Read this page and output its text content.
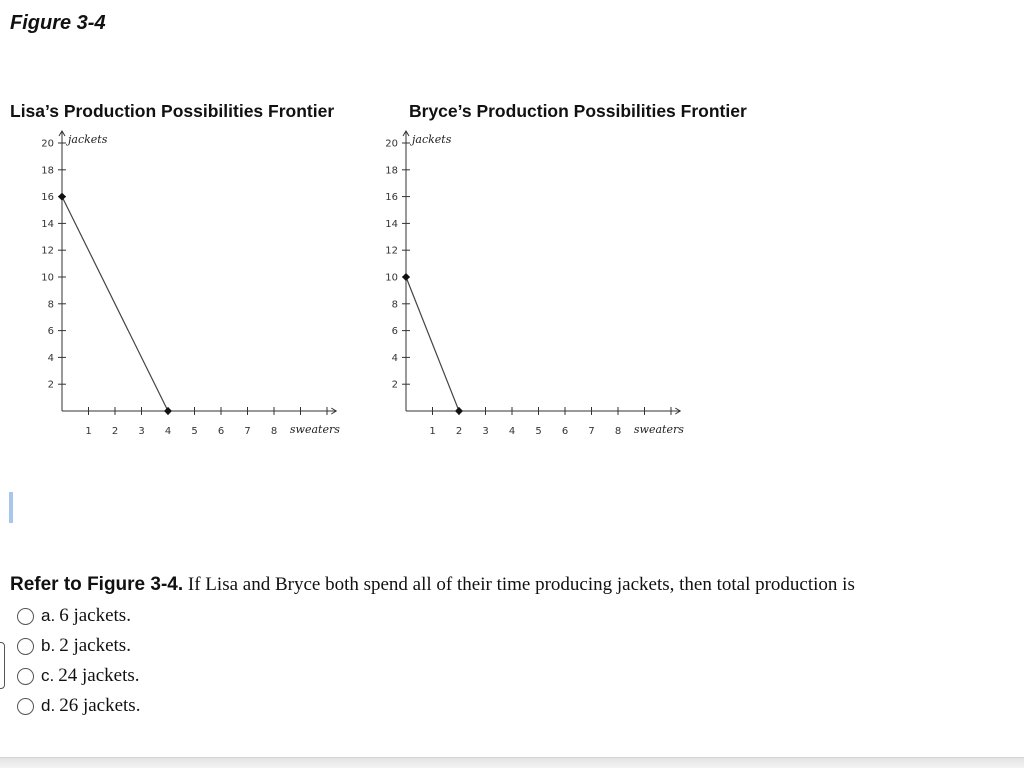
Figure 3-4
Lisa’s Production Possibilities Frontier	Bryce’s Production Possibilities Frontier
2
4
6
8
10
12
14
16
18
20
1 2 3 4 5 6 7 8
jackets
sweaters
2
4
6
8
10
12
14
16
18
20
1 2 3 4 5 6 7 8
jackets
sweaters
Refer to Figure 3-4. If Lisa and Bryce both spend all of their time producing jackets, then total production is
a. 6 jackets.
b. 2 jackets.
c. 24 jackets.
d. 26 jackets.
